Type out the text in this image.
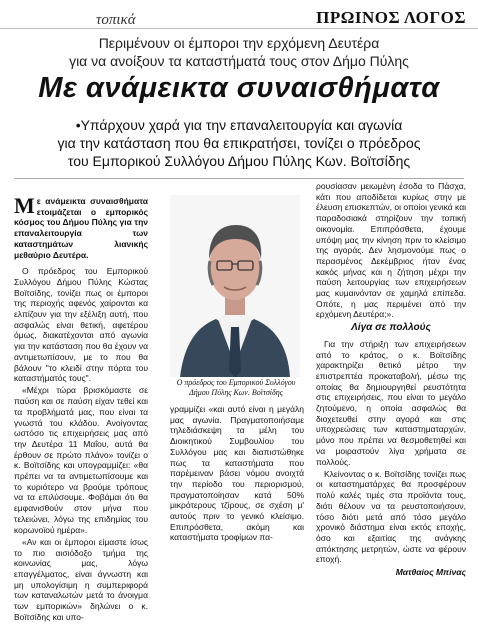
τοπικά	ΠΡΩΙΝΟΣ ΛΟΓΟΣ
Περιμένουν οι έμποροι την ερχόμενη Δευτέρα
για να ανοίξουν τα καταστήματά τους στον Δήμο Πύλης
Με ανάμεικτα συναισθήματα
•Υπάρχουν χαρά για την επαναλειτουργία και αγωνία
για την κατάσταση που θα επικρατήσει, τονίζει ο πρόεδρος
του Εμπορικού Συλλόγου Δήμου Πύλης Κων. Βοϊτσίδης
Μ ε ανάμεικτα συναισθήματα ετοιμάζεται ο εμπορικός κόσμος του Δήμου Πύλης για την επαναλειτουργία των καταστημάτων λιανικής μεθαύριο Δευτέρα.

Ο πρόεδρος του Εμπορικού Συλλόγου Δήμου Πύλης Κώστας Βοϊτσίδης, τονίζει πως οι έμποροι της περιοχής αφενός χαίρονται κα ελπίζουν για την εξέλιξη αυτή, που ασφαλώς είναι θετική, αφετέρου όμως, διακατέχονται από αγωνία για την κατάσταση που θα έχουν να αντιμετωπίσουν, με το που θα βάλουν "το κλειδί στην πόρτα του καταστήματός τους".

«Μέχρι τώρα βρισκόμαστε σε παύση και σε παύση είχαν τεθεί και τα προβλήματά μας, που είναι τα γνωστά του κλάδου. Ανοίγοντας ωστόσο τις επιχειρήσεις μας από την Δευτέρα 11 Μαΐου, αυτά θα έρθουν σε πρώτο πλάνο» τονίζει ο κ. Βοϊτσίδης και υπογραμμίζει: «θα πρέπει να τα αντιμετωπίσουμε και το κυριότερο να βρούμε τρόπους να τα επιλύσουμε. Φοβάμαι ότι θα εμφανισθούν στον μήνα που τελειώνει, λόγω της επιδημίας του κορωνοϊού ημέρα».

«Αν και οι έμποροι είμαστε ίσως το πιο αισιόδοξο τμήμα της κοινωνίας μας, λόγω επαγγέλματος, είναι άγνωστη και μη υπολογίσιμη η συμπεριφορά των καταναλωτών μετά το άνοιγμα των εμπορικών» δηλώνει ο κ. Βοϊτσίδης και υπο-

Ο πρόεδρος του Εμπορικού Συλλόγου
Δήμου Πύλης Κων. Βοϊτσίδης

γραμμίζει «και αυτό είναι η μεγάλη μας αγωνία. Πραγματοποιήσαμε τηλεδιάσκεψη τα μέλη του Διοικητικού Συμβουλίου του Συλλόγου μας και διαπιστώθηκε πως τα καταστήματα που παρέμειναν βάσει νόμου ανοιχτά την περίοδο του περιορισμού, πραγματοποίησαν κατά 50% μικρότερους τζίρους, σε σχέση μ' αυτούς πριν το γενικό κλείσιμο. Επιπρόσθετα, ακόμη και καταστήματα τροφίμων πα-

ρουσίασαν μειωμένη έσοδα το Πάσχα, κάτι που αποδίδεται κυρίως στην με έλευση επισκεπτών, οι οποίοι γενικά και παραδοσιακά στηρίζουν την τοπική οικονομία. Επιπρόσθετα, έχουμε υπόψη μας την κίνηση πριν το κλείσιμο της αγοράς. Δεν λησμονούμε πως ο περασμένος Δεκέμβριος ήταν ένας κακός μήνας και η ζήτηση μέχρι την παύση λειτουργίας των επιχειρήσεων μας κυμαινόνταν σε χαμηλά επίπεδα. Οπότε, η μας περιμένει από την ερχόμενη Δευτέρα;».

Λίγα σε πολλούς

Για την στήριξη των επιχειρήσεων από το κράτος, ο κ. Βοϊτσίδης χαρακτηρίζει θετικό μέτρο την επιστρεπτέα προκαταβολή, μέσω της οποίας θα δημιουργηθεί ρευστότητα στις επιχειρήσεις, που είναι το μεγάλο ζητούμενο, η οποία ασφαλώς θα διοχετευθεί στην αγορά και στις υποχρεώσεις των καταστηματαρχών, μόνο που πρέπει να θεσμοθετηθεί και να μοιραστούν λίγα χρήματα σε πολλούς.

Κλείνοντας ο κ. Βοϊτσίδης τονίζει πως οι καταστηματάρχες θα προσφέρουν πολύ καλές τιμές στα προϊόντα τους, διότι θέλουν να τα ρευστοποιήσουν, τόσο διότι μετά από τόσο μεγάλο χρονικό διάστημα είναι εκτός εποχής, όσο και εξαιτίας της ανάγκης απόκτησης μετρητών, ώστε να φέρουν εποχή.

Ματθαίος Μπίνας
